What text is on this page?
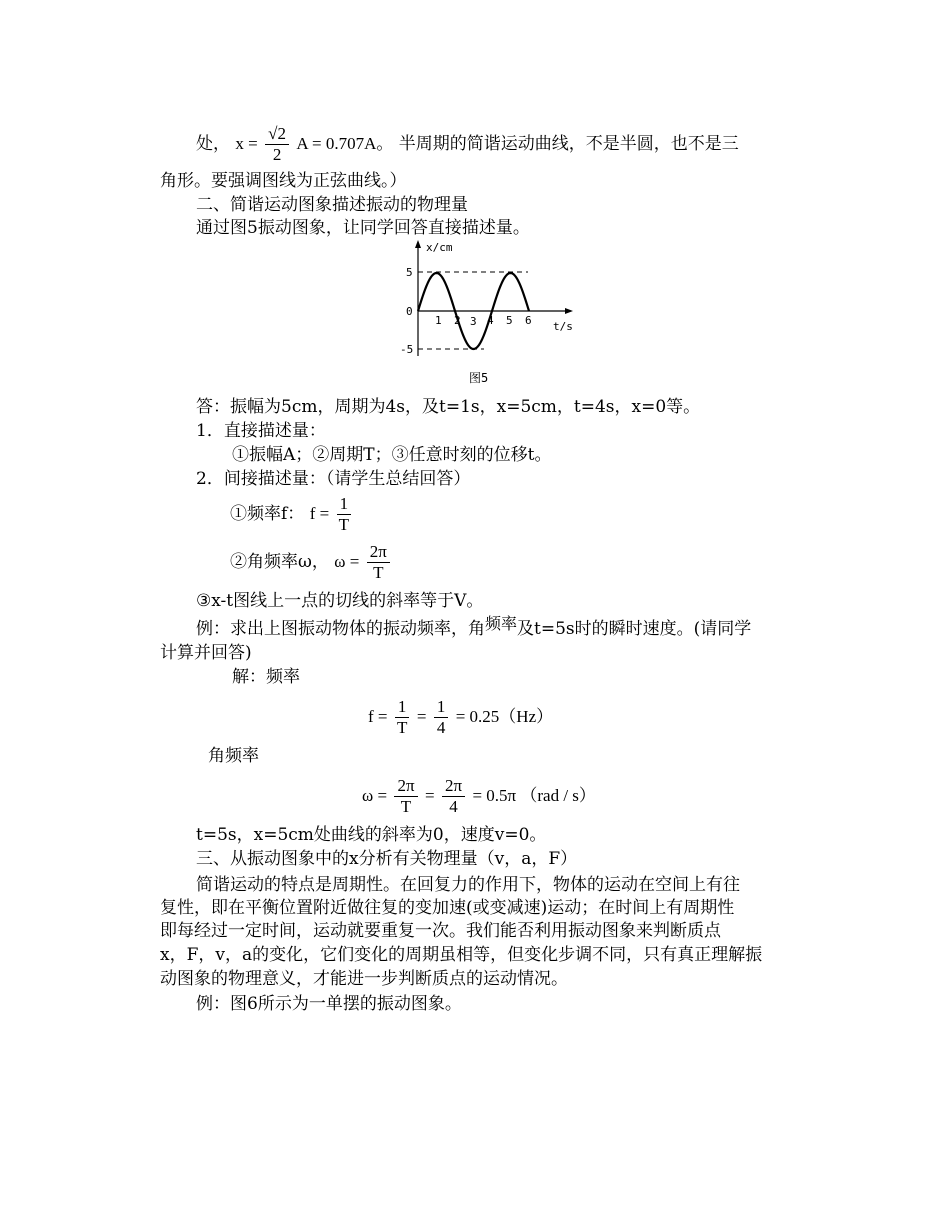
处， $x = \frac{√2}{2}$ A = 0.707A。 半周期的简谐运动曲线，不是半圆，也不是三
角形。要强调图线为正弦曲线。）
二、简谐运动图象描述振动的物理量
通过图5振动图象，让同学回答直接描述量。
x/cm
5
0
-5
1 2 3 4 5 6 t/s
图5
答：振幅为5cm，周期为4s，及t=1s，x=5cm，t=4s，x=0等。
1．直接描述量：
①振幅A；②周期T；③任意时刻的位移t。
2．间接描述量：（请学生总结回答）
①频率f： $f = \frac{1}{T}$
②角频率ω， $\omega = \frac{2\pi}{T}$
③x-t图线上一点的切线的斜率等于V。
例：求出上图振动物体的振动频率，角频率及t=5s时的瞬时速度。(请同学
计算并回答)
解：频率
$f = \frac{1}{T} = \frac{1}{4} = 0.25(Hz)$
角频率
$\omega = \frac{2\pi}{T} = \frac{2\pi}{4} = 0.5\pi$ （rad / s）
t=5s，x=5cm处曲线的斜率为0，速度v=0。
三、从振动图象中的x分析有关物理量（v，a，F）
简谐运动的特点是周期性。在回复力的作用下，物体的运动在空间上有往
复性，即在平衡位置附近做往复的变加速(或变减速)运动；在时间上有周期性
即每经过一定时间，运动就要重复一次。我们能否利用振动图象来判断质点
x，F，v，a的变化，它们变化的周期虽相等，但变化步调不同，只有真正理解振
动图象的物理意义，才能进一步判断质点的运动情况。
例：图6所示为一单摆的振动图象。
